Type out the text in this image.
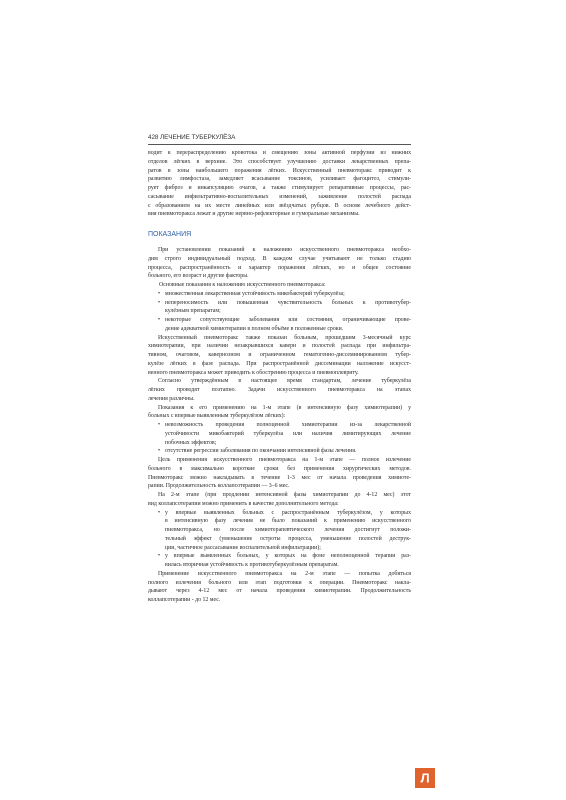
428 ЛЕЧЕНИЕ ТУБЕРКУЛЁЗА
водит к перераспределению кровотока и смещению зоны активной перфузии из нижних
отделов лёгких в верхние. Это способствует улучшению доставки лекарственных препа-
ратов в зоны наибольшего поражения лёгких. Искусственный пневмоторакс приводит к
развитию лимфостаза, замедляет всасывание токсинов, усиливает фагоцитоз, стимули-
рует фиброз и инкапсуляцию очагов, а также стимулирует репаративные процессы, рас-
сасывание инфильтративно-воспалительных изменений, заживление полостей распада
с образованием на их месте линейных или звёздчатых рубцов. В основе лечебного дейст-
вия пневмоторакса лежат и другие нервно-рефлекторные и гуморальные механизмы.
ПОКАЗАНИЯ
При установлении показаний к наложению искусственного пневмоторакса необхо-
дим строго индивидуальный подход. В каждом случае учитывают не только стадию
процесса, распространённость и характер поражения лёгких, но и общее состояние
больного, его возраст и другие факторы.
Основные показания к наложению искусственного пневмоторакса:
• множественная лекарственная устойчивость микобактерий туберкулёза;
• непереносимость или повышенная чувствительность больных к противотубер-
кулёзным препаратам;
• некоторые сопутствующие заболевания или состояния, ограничивающие прове-
дение адекватной химиотерапии в полном объёме в положенные сроки.
Искусственный пневмоторакс также показан больным, прошедшим 3-месячный курс
химиотерапии, при наличии незакрывшихся каверн и полостей распада при инфильтра-
тивном, очаговом, кавернозном и ограниченном гематогенно-диссеминированном тубер-
кулёзе лёгких в фазе распада. При распространённой диссеминации наложение искусст-
венного пневмоторакса может приводить к обострению процесса и пневмоплевриту.
Согласно утверждённым в настоящее время стандартам, лечение туберкулёза
лёгких проводят поэтапно. Задачи искусственного пневмоторакса на этапах
лечения различны.
Показания к его применению на 1-м этапе (в интенсивную фазу химиотерапии) у
больных с впервые выявленным туберкулёзом лёгких):
• невозможность проведения полноценной химиотерапии из-за лекарственной
устойчивости микобактерий туберкулёза или наличия лимитирующих лечение
побочных эффектов;
• отсутствие регрессии заболевания по окончании интенсивной фазы лечения.
Цель применения искусственного пневмоторакса на 1-м этапе — полное излечение
больного в максимально короткие сроки без применения хирургических методов.
Пневмоторакс можно накладывать в течение 1-3 мес от начала проведения химиоте-
рапии. Продолжительность коллапсотерапии — 3–6 мес.
На 2-м этапе (при продлении интенсивной фазы химиотерапии до 4-12 мес) этот
вид коллапсотерапии можно применить в качестве дополнительного метода:
• у впервые выявленных больных с распространённым туберкулёзом, у которых
в интенсивную фазу лечения не было показаний к применению искусственного
пневмоторакса, но после химиотерапевтического лечения достигнут положи-
тельный эффект (уменьшение остроты процесса, уменьшение полостей деструк-
ции, частичное рассасывание воспалительной инфильтрации);
• у впервые выявленных больных, у которых на фоне неполноценной терапии раз-
вилась вторичная устойчивость к противотуберкулёзным препаратам.
Применение искусственного пневмоторакса на 2-м этапе — попытка добиться
полного излечения больного или этап подготовки к операции. Пневмоторакс накла-
дывают через 4-12 мес от начала проведения химиотерапии. Продолжительность
коллапсотерапии - до 12 мес.
Л
